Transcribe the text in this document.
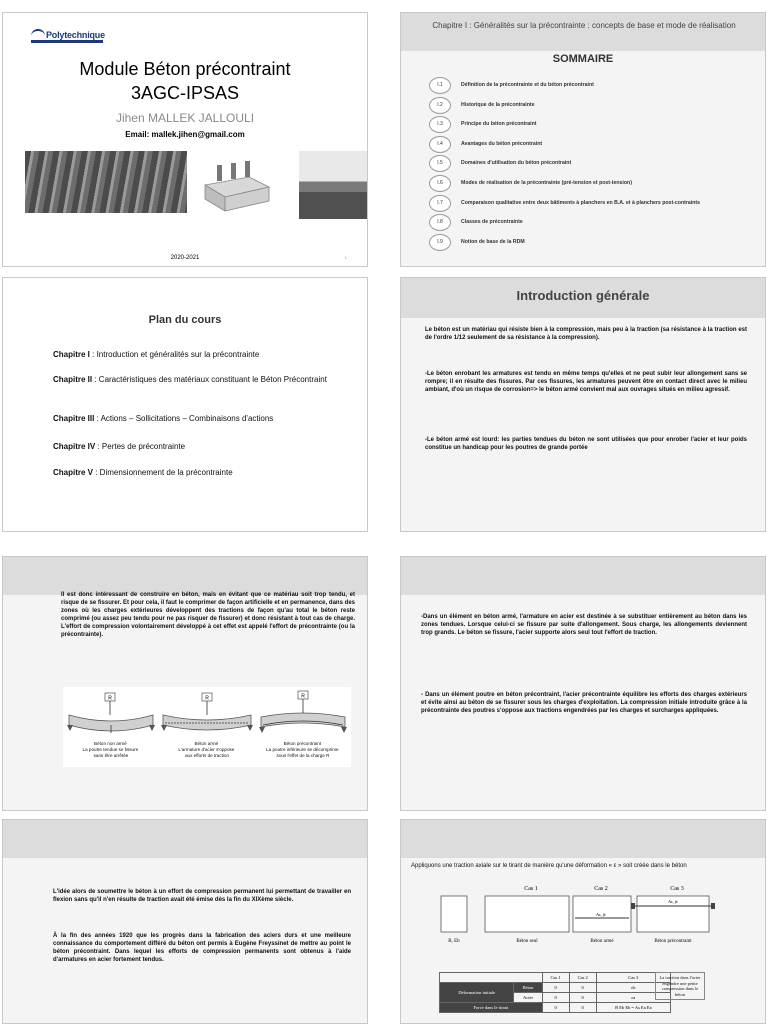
Polytechnique
Module Béton précontraint
3AGC-IPSAS
Jihen MALLEK JALLOULI
Email: mallek.jihen@gmail.com
2020-2021	1
Chapitre I : Généralités sur la précontrainte : concepts de base et mode de réalisation
SOMMAIRE
I.1	Définition de la précontrainte et du béton précontraint
I.2	Historique de la précontrainte
I.3	Principe du béton précontraint
I.4	Avantages du béton précontraint
I.5	Domaines d'utilisation du béton précontraint
I.6	Modes de réalisation de la précontrainte (pré-tension et post-tension)
I.7	Comparaison qualitative entre deux bâtiments à planchers en B.A. et à planchers post-contraints
I.8	Classes de précontrainte
I.9	Notion de base de la RDM
Plan du cours
Chapitre I : Introduction et généralités sur la précontrainte
Chapitre II : Caractéristiques des matériaux constituant le Béton Précontraint
Chapitre III : Actions – Sollicitations – Combinaisons d'actions
Chapitre IV : Pertes de précontrainte
Chapitre V : Dimensionnement de la précontrainte
Introduction générale
Le béton est un matériau qui résiste bien à la compression, mais peu à la traction (sa résistance à la traction est de l'ordre 1/12 seulement de sa résistance à la compression).
-Le béton enrobant les armatures est tendu en même temps qu'elles et ne peut subir leur allongement sans se rompre; il en résulte des fissures. Par ces fissures, les armatures peuvent être en contact direct avec le milieu ambiant, d'où un risque de corrosion=> le béton armé convient mal aux ouvrages situés en milieu agressif.
-Le béton armé est lourd: les parties tendues du béton ne sont utilisées que pour enrober l'acier et leur poids constitue un handicap pour les poutres de grande portée
Il est donc intéressant de construire en béton, mais en évitant que ce matériau soit trop tendu, et risque de se fissurer. Et pour cela, il faut le comprimer de façon artificielle et en permanence, dans des zones où les charges extérieures développent des tractions de façon qu'au total le béton reste comprimé (ou assez peu tendu pour ne pas risquer de fissurer) et donc résistant à tout cas de charge. L'effort de compression volontairement développé à cet effet est appelé l'effort de précontrainte (ou la précontrainte).
R	R	R
Béton non armé La poutre tendue se fissure sans être arrêtée
Béton armé L'armature d'acier s'oppose aux efforts de traction
Béton précontraint La poutre inférieure se décomprime sous l'effet de la charge R
-Dans un élément en béton armé, l'armature en acier est destinée à se substituer entièrement au béton dans les zones tendues. Lorsque celui-ci se fissure par suite d'allongement. Sous charge, les allongements deviennent trop grands. Le béton se fissure, l'acier supporte alors seul tout l'effort de traction.
- Dans un élément poutre en béton précontraint, l'acier précontrainte équilibre les efforts des charges extérieurs et évite ainsi au béton de se fissurer sous les charges d'exploitation. La compression initiale introduite grâce à la précontrainte des poutres s'oppose aux tractions engendrées par les charges et surcharges appliquées.
L'idée alors de soumettre le béton à un effort de compression permanent lui permettant de travailler en flexion sans qu'il n'en résulte de traction avait été émise dès la fin du XIXème siècle.
À la fin des années 1920 que les progrès dans la fabrication des aciers durs et une meilleure connaissance du comportement différé du béton ont permis à Eugène Freyssinet de mettre au point le béton précontraint. Dans lequel les efforts de compression permanents sont obtenus à l'aide d'armatures en acier fortement tendus.
Appliquons une traction axiale sur le tirant de manière qu'une déformation « ε » soit créée dans le béton
Cas 1	Cas 2	Cas 3
As, fe
As, fe
B, Eb	Béton seul	Béton armé	Béton précontraint
		Cas 1	Cas 2	Cas 3
Déformation initiale	Béton	0	0	εb
	Acier	0	0	εa
Force dans le tirant		0	0	B Eb Eb = As Ea Ea
La traction dans l'acier engendre une petite compression dans le béton
